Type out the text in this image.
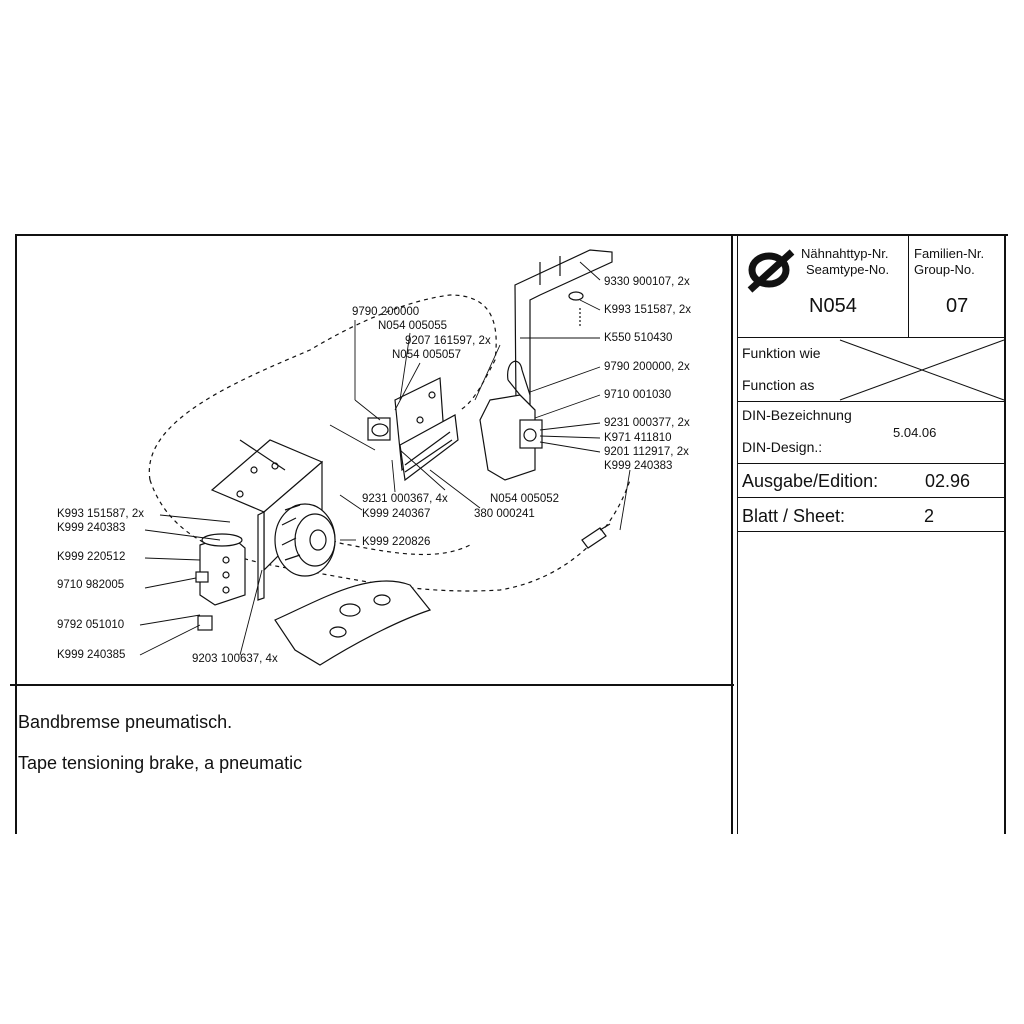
Nähnahttyp-Nr.
Seamtype-No.
Familien-Nr.
Group-No.
N054	07
Funktion wie
Function as
DIN-Bezeichnung
DIN-Design.:
5.04.06
Ausgabe/Edition:	02.96
Blatt / Sheet:	2
Bandbremse pneumatisch.
Tape tensioning brake, a pneumatic
9330 900107, 2x
K993 151587, 2x
K550 510430
9790 200000, 2x
9710 001030
9231 000377, 2x
K971 411810
9201 112917, 2x
K999 240383
9790 200000
N054 005055
9207 161597, 2x
N054 005057
9231 000367, 4x
K999 240367
N054 005052
380 000241
K999 220826
K993 151587, 2x
K999 240383
K999 220512
9710 982005
9792 051010
K999 240385	9203 100637, 4x
